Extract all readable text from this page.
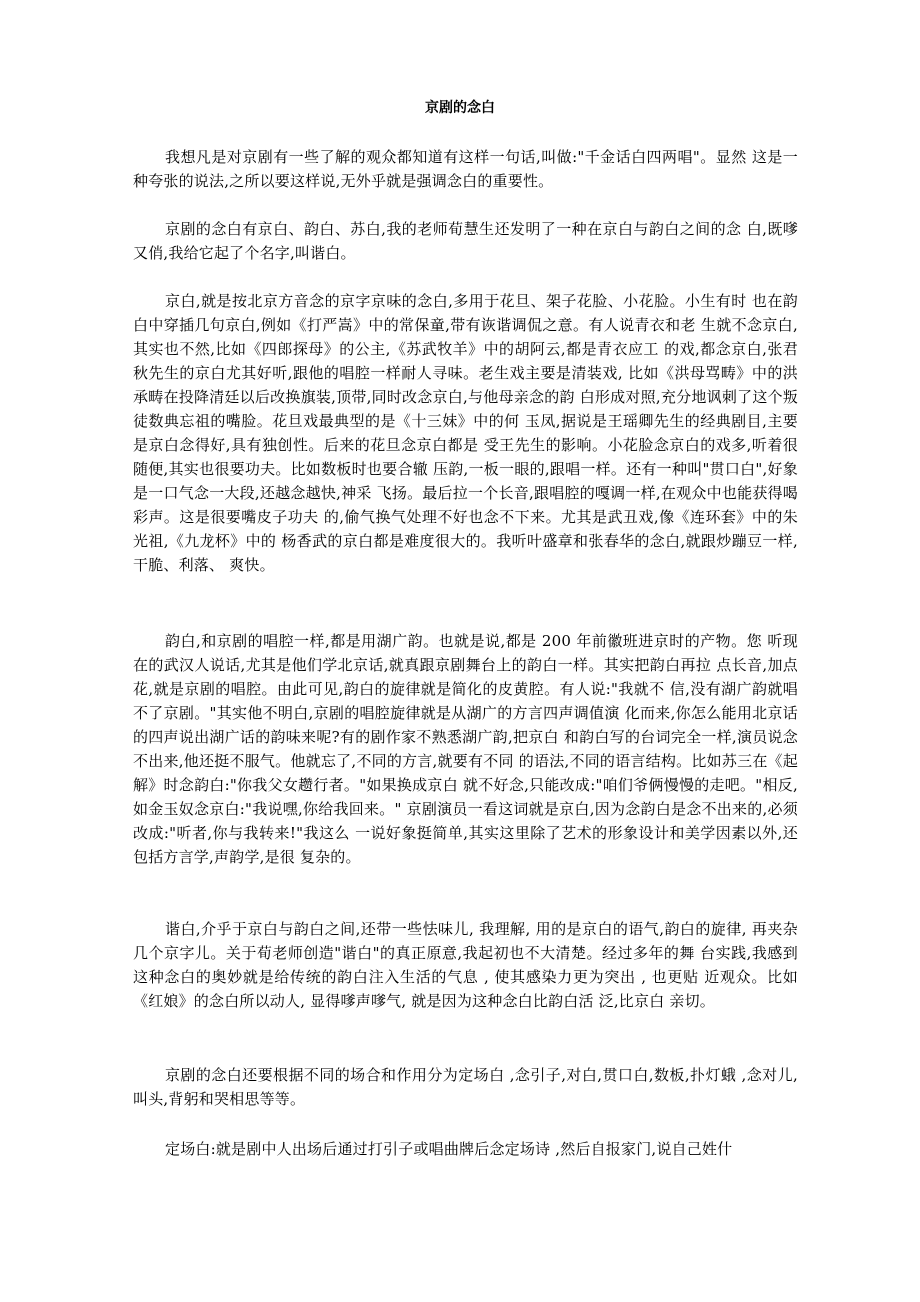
京剧的念白

我想凡是对京剧有一些了解的观众都知道有这样一句话,叫做:"千金话白四两唱"。显然 这是一种夸张的说法,之所以要这样说,无外乎就是强调念白的重要性。

京剧的念白有京白、韵白、苏白,我的老师荀慧生还发明了一种在京白与韵白之间的念 白,既嗲又俏,我给它起了个名字,叫谐白。

京白,就是按北京方音念的京字京味的念白,多用于花旦、架子花脸、小花脸。小生有时 也在韵白中穿插几句京白,例如《打严嵩》中的常保童,带有诙谐调侃之意。有人说青衣和老 生就不念京白,其实也不然,比如《四郎探母》的公主,《苏武牧羊》中的胡阿云,都是青衣应工 的戏,都念京白,张君秋先生的京白尤其好听,跟他的唱腔一样耐人寻味。老生戏主要是清装戏, 比如《洪母骂畴》中的洪承畴在投降清廷以后改换旗装,顶带,同时改念京白,与他母亲念的韵 白形成对照,充分地讽刺了这个叛徒数典忘祖的嘴脸。花旦戏最典型的是《十三妹》中的何 玉凤,据说是王瑶卿先生的经典剧目,主要是京白念得好,具有独创性。后来的花旦念京白都是 受王先生的影响。小花脸念京白的戏多,听着很随便,其实也很要功夫。比如数板时也要合辙 压韵,一板一眼的,跟唱一样。还有一种叫"贯口白",好象是一口气念一大段,还越念越快,神采 飞扬。最后拉一个长音,跟唱腔的嘎调一样,在观众中也能获得喝彩声。这是很要嘴皮子功夫 的,偷气换气处理不好也念不下来。尤其是武丑戏,像《连环套》中的朱光祖,《九龙杯》中的 杨香武的京白都是难度很大的。我听叶盛章和张春华的念白,就跟炒蹦豆一样,干脆、利落、 爽快。

韵白,和京剧的唱腔一样,都是用湖广韵。也就是说,都是 200 年前徽班进京时的产物。您 听现在的武汉人说话,尤其是他们学北京话,就真跟京剧舞台上的韵白一样。其实把韵白再拉 点长音,加点花,就是京剧的唱腔。由此可见,韵白的旋律就是简化的皮黄腔。有人说:"我就不 信,没有湖广韵就唱不了京剧。"其实他不明白,京剧的唱腔旋律就是从湖广的方言四声调值演 化而来,你怎么能用北京话的四声说出湖广话的韵味来呢?有的剧作家不熟悉湖广韵,把京白 和韵白写的台词完全一样,演员说念不出来,他还挺不服气。他就忘了,不同的方言,就要有不同 的语法,不同的语言结构。比如苏三在《起解》时念韵白:"你我父女趱行者。"如果换成京白 就不好念,只能改成:"咱们爷俩慢慢的走吧。"相反,如金玉奴念京白:"我说嘿,你给我回来。" 京剧演员一看这词就是京白,因为念韵白是念不出来的,必须改成:"听者,你与我转来!"我这么 一说好象挺简单,其实这里除了艺术的形象设计和美学因素以外,还包括方言学,声韵学,是很 复杂的。

谐白,介乎于京白与韵白之间,还带一些怯味儿, 我理解, 用的是京白的语气,韵白的旋律, 再夹杂几个京字儿。关于荀老师创造"谐白"的真正原意,我起初也不大清楚。经过多年的舞 台实践,我感到这种念白的奥妙就是给传统的韵白注入生活的气息 , 使其感染力更为突出 , 也更贴 近观众。比如《红娘》的念白所以动人, 显得嗲声嗲气, 就是因为这种念白比韵白活 泛,比京白 亲切。

京剧的念白还要根据不同的场合和作用分为定场白 ,念引子,对白,贯口白,数板,扑灯蛾 ,念对儿,叫头,背躬和哭相思等等。

定场白:就是剧中人出场后通过打引子或唱曲牌后念定场诗 ,然后自报家门,说自己姓什
